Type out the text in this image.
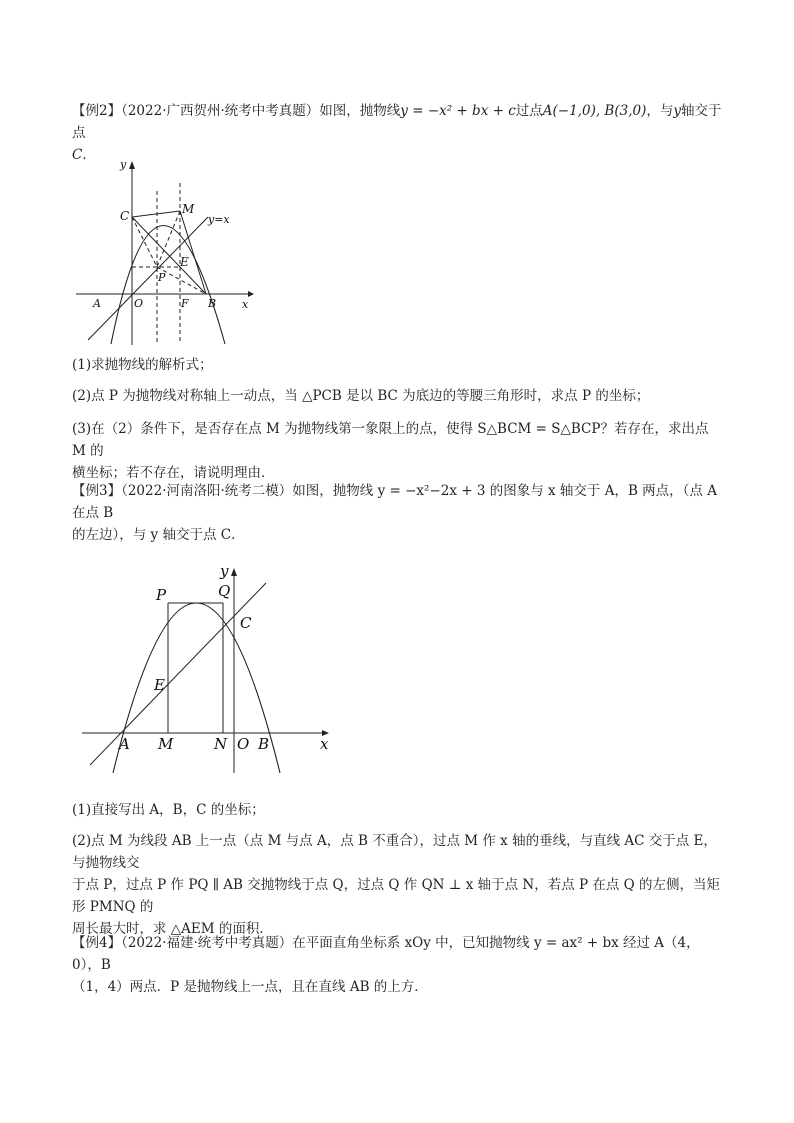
【例2】（2022·广西贺州·统考中考真题）如图，抛物线y = −x² + bx + c过点A(−1,0), B(3,0)，与y轴交于点
C．

y
x
y=x
C	M
E
P
A	O	F B

(1)求抛物线的解析式；

(2)点 P 为抛物线对称轴上一动点，当 △PCB 是以 BC 为底边的等腰三角形时，求点 P 的坐标；

(3)在（2）条件下，是否存在点 M 为抛物线第一象限上的点，使得 S△BCM = S△BCP？若存在，求出点 M 的
横坐标；若不存在，请说明理由．

【例3】（2022·河南洛阳·统考二模）如图，抛物线 y = −x²−2x + 3 的图象与 x 轴交于 A，B 两点，（点 A 在点 B
的左边），与 y 轴交于点 C．

y
x
P	Q
C
E
A M	N O B

(1)直接写出 A，B，C 的坐标；

(2)点 M 为线段 AB 上一点（点 M 与点 A，点 B 不重合），过点 M 作 x 轴的垂线，与直线 AC 交于点 E，与抛物线交
于点 P，过点 P 作 PQ ∥ AB 交抛物线于点 Q，过点 Q 作 QN ⊥ x 轴于点 N，若点 P 在点 Q 的左侧，当矩形 PMNQ 的
周长最大时，求 △AEM 的面积．

【例4】（2022·福建·统考中考真题）在平面直角坐标系 xOy 中，已知抛物线 y = ax² + bx 经过 A（4，0），B
（1，4）两点．P 是抛物线上一点，且在直线 AB 的上方．
